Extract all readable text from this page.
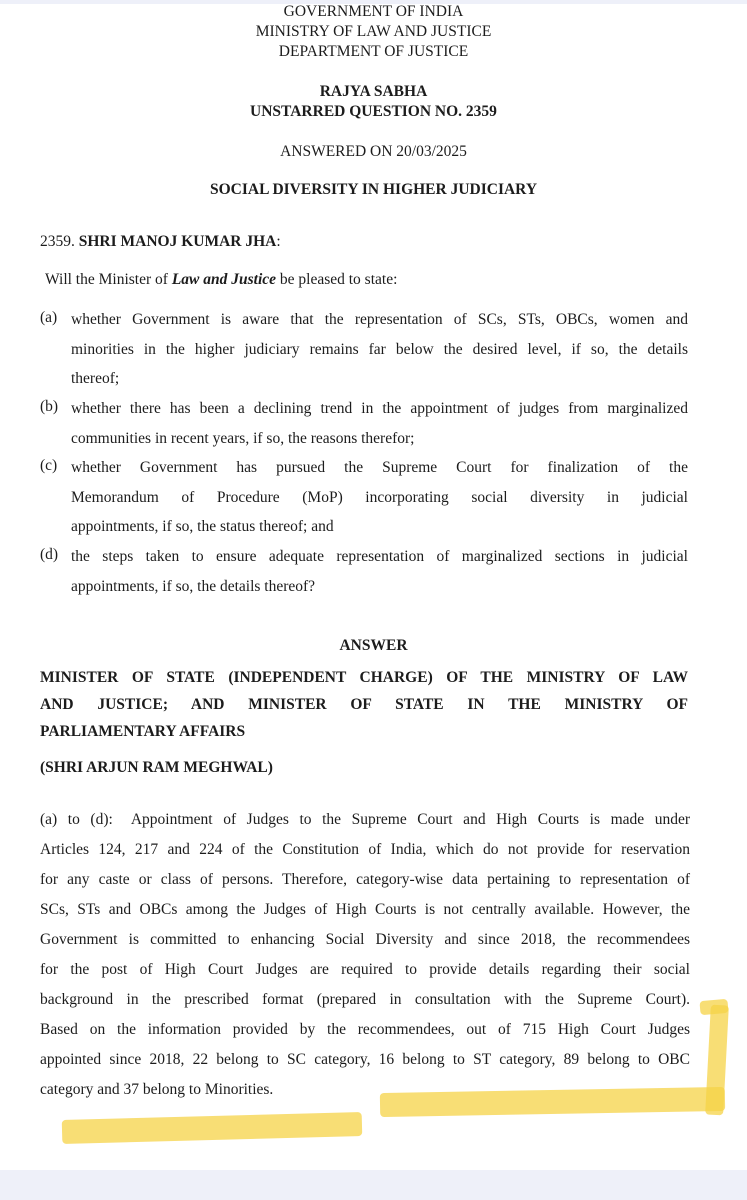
GOVERNMENT OF INDIA
MINISTRY OF LAW AND JUSTICE
DEPARTMENT OF JUSTICE
RAJYA SABHA
UNSTARRED QUESTION NO. 2359
ANSWERED ON 20/03/2025
SOCIAL DIVERSITY IN HIGHER JUDICIARY
2359. SHRI MANOJ KUMAR JHA:
Will the Minister of Law and Justice be pleased to state:
(a) whether Government is aware that the representation of SCs, STs, OBCs, women and
minorities in the higher judiciary remains far below the desired level, if so, the details
thereof;
(b) whether there has been a declining trend in the appointment of judges from marginalized
communities in recent years, if so, the reasons therefor;
(c) whether Government has pursued the Supreme Court for finalization of the
Memorandum of Procedure (MoP) incorporating social diversity in judicial
appointments, if so, the status thereof; and
(d) the steps taken to ensure adequate representation of marginalized sections in judicial
appointments, if so, the details thereof?
ANSWER
MINISTER OF STATE (INDEPENDENT CHARGE) OF THE MINISTRY OF LAW
AND JUSTICE; AND MINISTER OF STATE IN THE MINISTRY OF
PARLIAMENTARY AFFAIRS
(SHRI ARJUN RAM MEGHWAL)
(a) to (d): Appointment of Judges to the Supreme Court and High Courts is made under
Articles 124, 217 and 224 of the Constitution of India, which do not provide for reservation
for any caste or class of persons. Therefore, category-wise data pertaining to representation of
SCs, STs and OBCs among the Judges of High Courts is not centrally available. However, the
Government is committed to enhancing Social Diversity and since 2018, the recommendees
for the post of High Court Judges are required to provide details regarding their social
background in the prescribed format (prepared in consultation with the Supreme Court).
Based on the information provided by the recommendees, out of 715 High Court Judges
appointed since 2018, 22 belong to SC category, 16 belong to ST category, 89 belong to OBC
category and 37 belong to Minorities.
